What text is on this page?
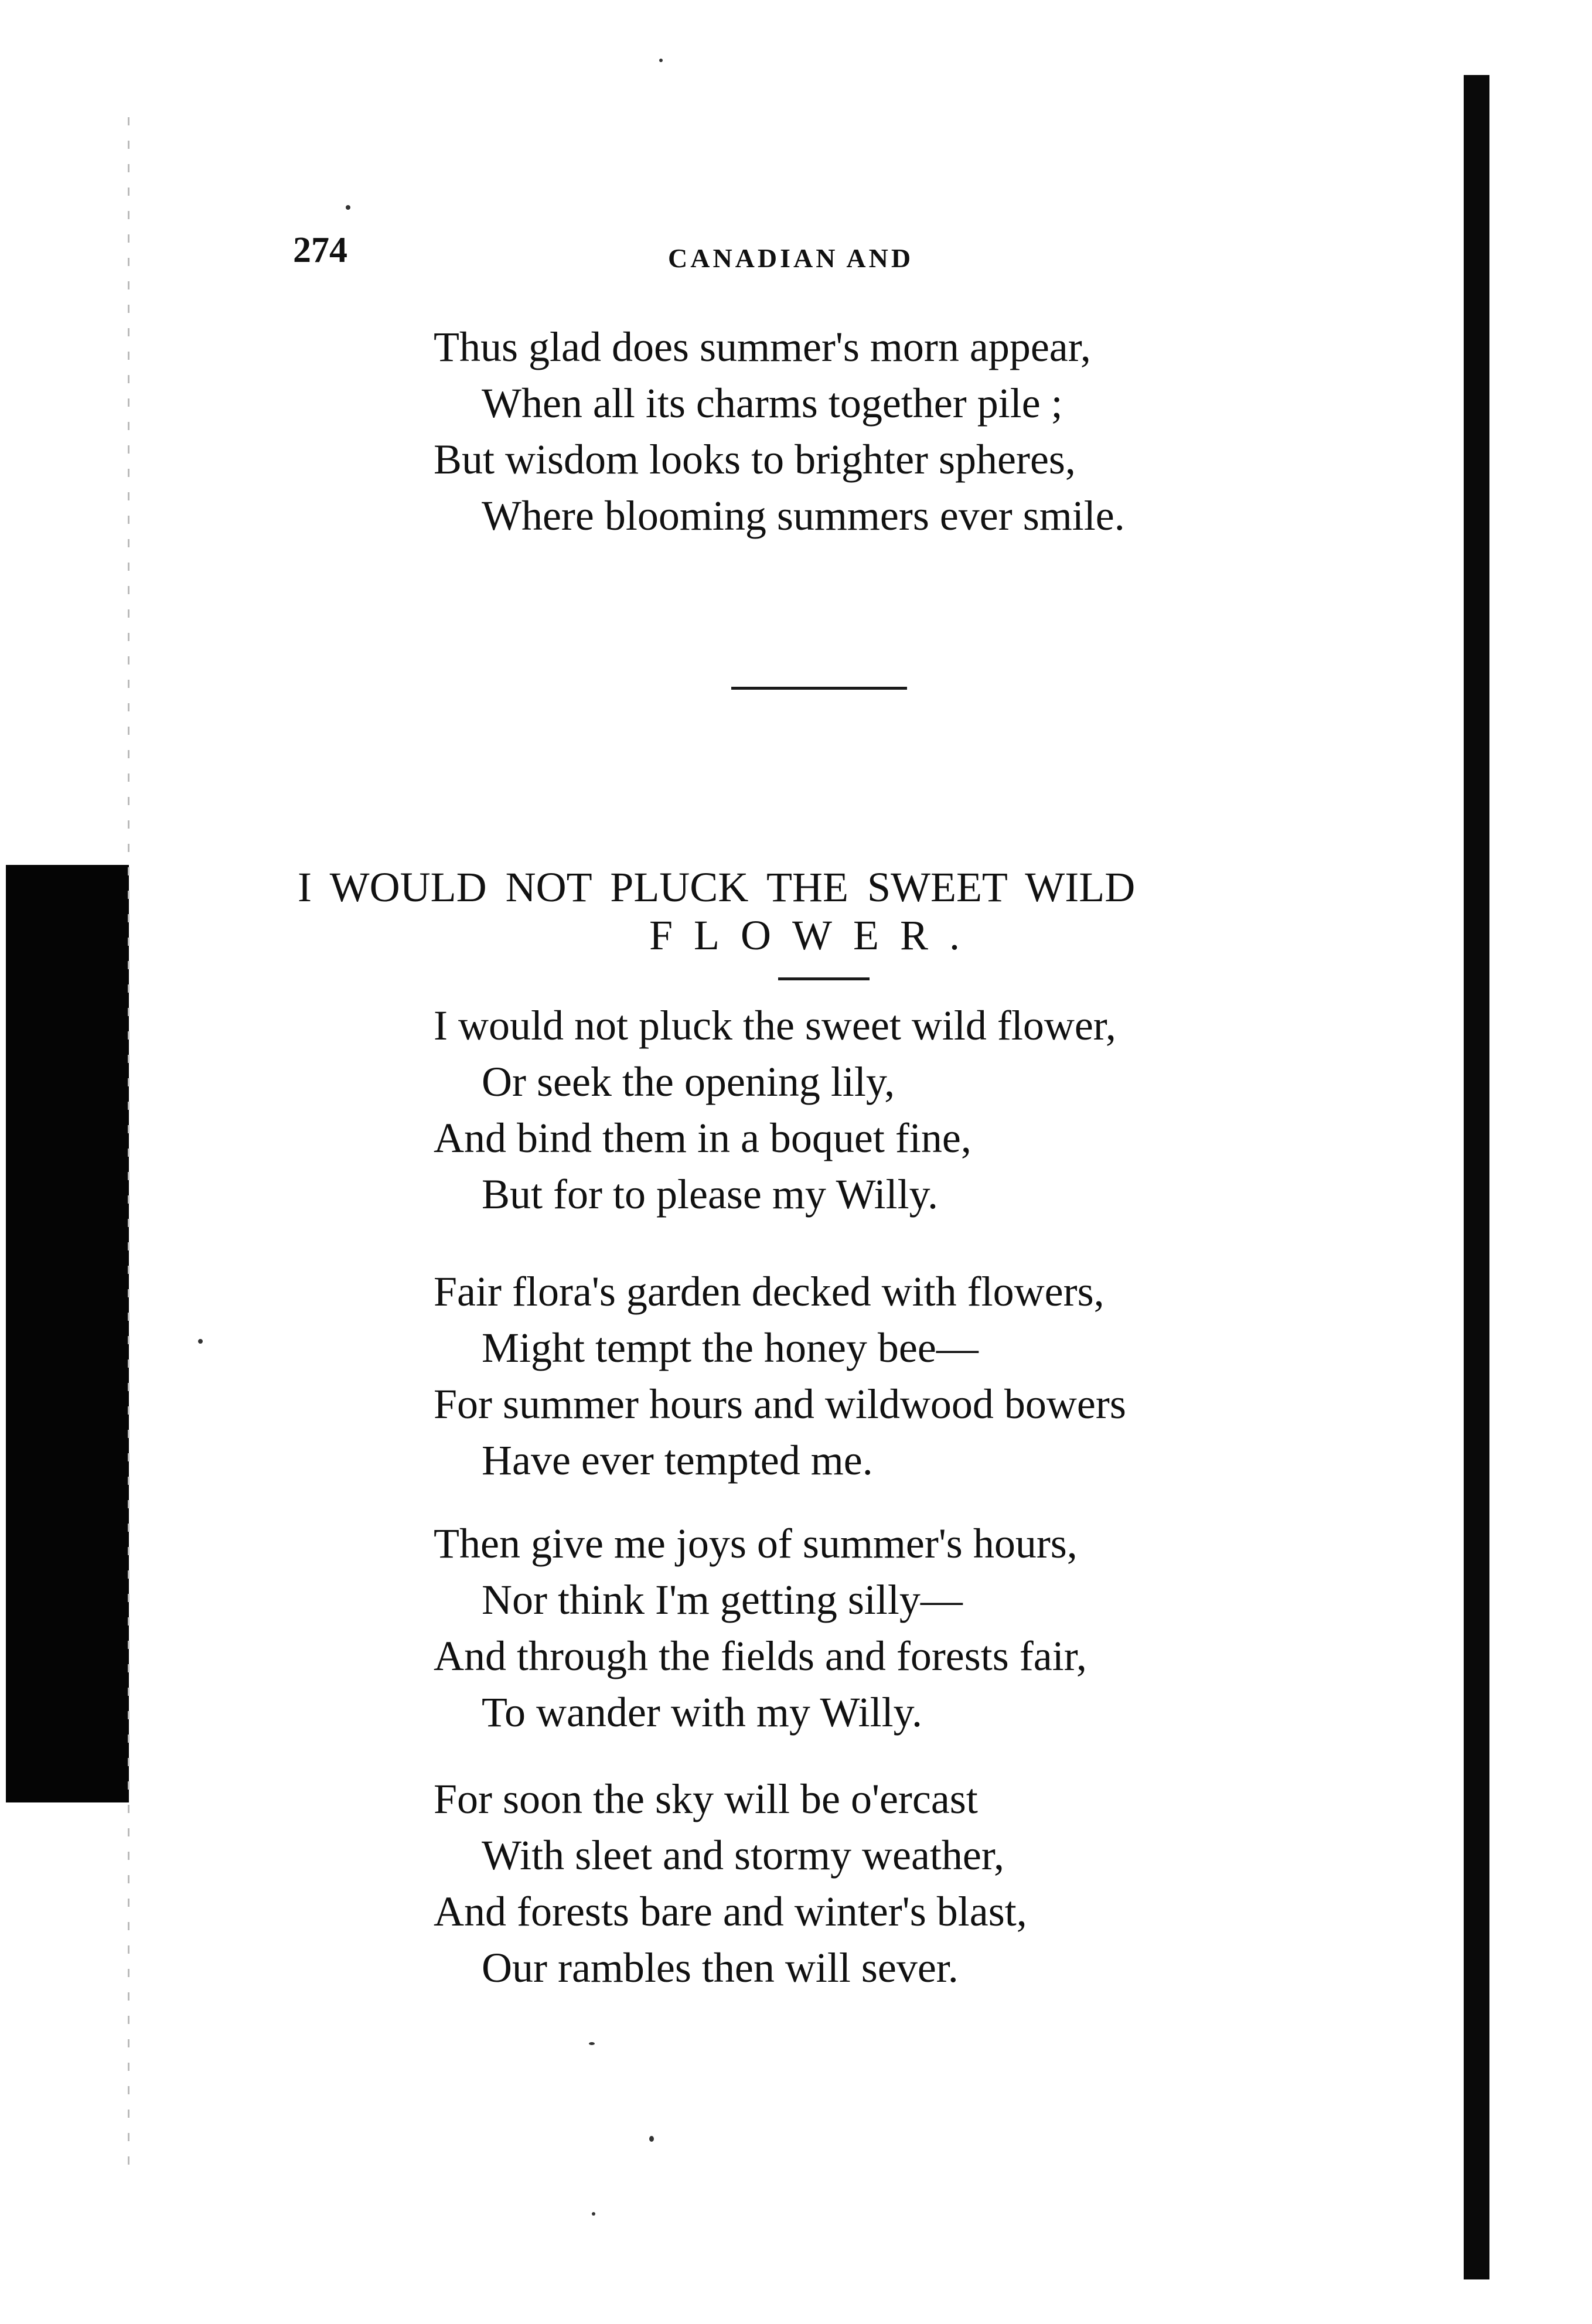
274	CANADIAN AND

Thus glad does summer's morn appear,

When all its charms together pile ;

But wisdom looks to brighter spheres,

Where blooming summers ever smile.

I WOULD NOT PLUCK THE SWEET WILD
FLOWER.

I would not pluck the sweet wild flower,

Or seek the opening lily,

And bind them in a boquet fine,

But for to please my Willy.

Fair flora's garden decked with flowers,

Might tempt the honey bee—

For summer hours and wildwood bowers

Have ever tempted me.

Then give me joys of summer's hours,

Nor think I'm getting silly—

And through the fields and forests fair,

To wander with my Willy.

For soon the sky will be o'ercast

With sleet and stormy weather,

And forests bare and winter's blast,

Our rambles then will sever.
